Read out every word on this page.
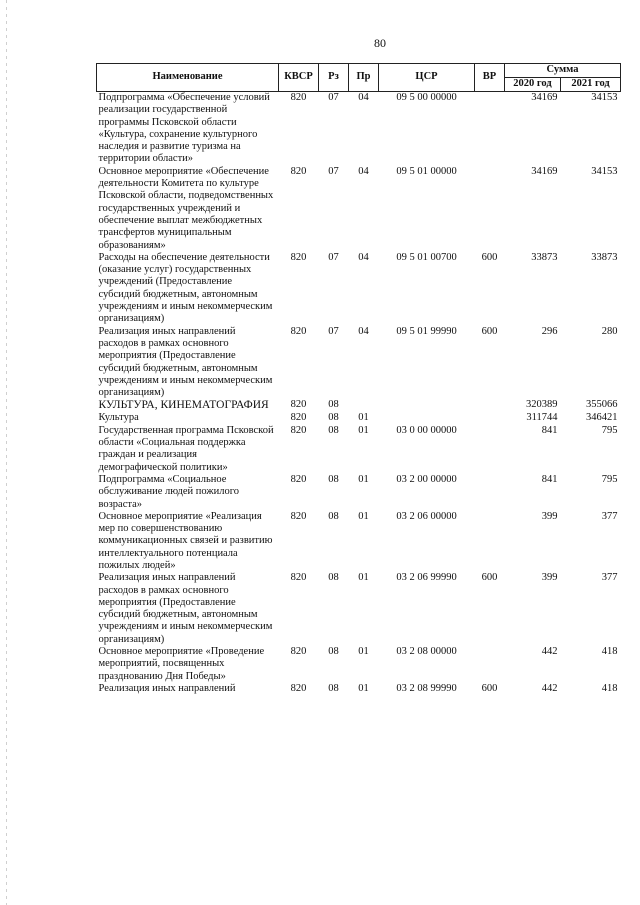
80
Наименование	КВСР	Рз	Пр	ЦСР	ВР	Сумма	
						2020 год	2021 год
Подпрограмма «Обеспечение условий реализации государственной программы Псковской области «Культура, сохранение культурного наследия и развитие туризма на территории области»	820	07	04	09 5 00 00000		34169	34153
Основное мероприятие «Обеспечение деятельности Комитета по культуре Псковской области, подведомственных государственных учреждений и обеспечение выплат межбюджетных трансфертов муниципальным образованиям»	820	07	04	09 5 01 00000		34169	34153
Расходы на обеспечение деятельности (оказание услуг) государственных учреждений (Предоставление субсидий бюджетным, автономным учреждениям и иным некоммерческим организациям)	820	07	04	09 5 01 00700	600	33873	33873
Реализация иных направлений расходов в рамках основного мероприятия (Предоставление субсидий бюджетным, автономным учреждениям и иным некоммерческим организациям)	820	07	04	09 5 01 99990	600	296	280
КУЛЬТУРА, КИНЕМАТОГРАФИЯ	820	08				320389	355066
Культура	820	08	01			311744	346421
Государственная программа Псковской области «Социальная поддержка граждан и реализация демографической политики»	820	08	01	03 0 00 00000		841	795
Подпрограмма «Социальное обслуживание людей пожилого возраста»	820	08	01	03 2 00 00000		841	795
Основное мероприятие «Реализация мер по совершенствованию коммуникационных связей и развитию интеллектуального потенциала пожилых людей»	820	08	01	03 2 06 00000		399	377
Реализация иных направлений расходов в рамках основного мероприятия (Предоставление субсидий бюджетным, автономным учреждениям и иным некоммерческим организациям)	820	08	01	03 2 06 99990	600	399	377
Основное мероприятие «Проведение мероприятий, посвященных празднованию Дня Победы»	820	08	01	03 2 08 00000		442	418
Реализация иных направлений	820	08	01	03 2 08 99990	600	442	418
